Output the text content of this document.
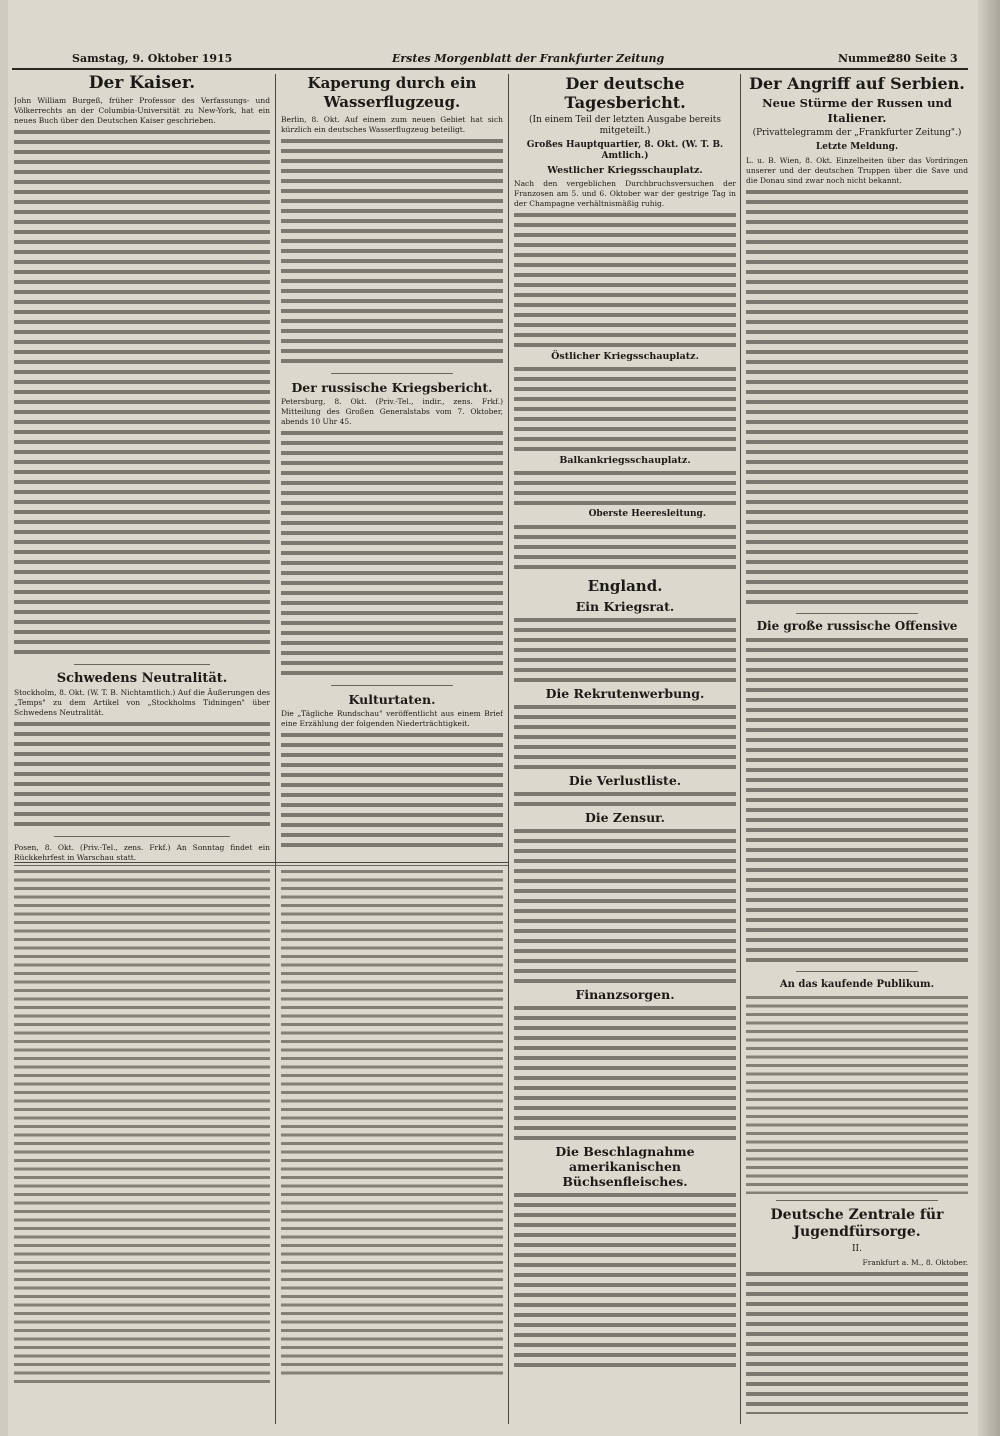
Samstag, 9. Oktober 1915	Erstes Morgenblatt der Frankfurter Zeitung	Nummer
280 Seite 3
Der Kaiser.

John William Burgeß, früher Professor des Verfassungs- und Völkerrechts an der Columbia-Universität zu New-York, hat ein neues Buch über den Deutschen Kaiser geschrieben.

Schwedens Neutralität.

Stockholm, 8. Okt. (W. T. B. Nichtamtlich.) Auf die Äußerungen des „Temps" zu dem Artikel von „Stockholms Tidningen" über Schwedens Neutralität.

Posen, 8. Okt. (Priv.-Tel., zens. Frkf.) An Sonntag findet ein Rückkehrfest in Warschau statt.

Kaperung durch ein Wasserflugzeug.

Berlin, 8. Okt. Auf einem zum neuen Gebiet hat sich kürzlich ein deutsches Wasserflugzeug beteiligt.

Der russische Kriegsbericht.

Petersburg, 8. Okt. (Priv.-Tel., indir., zens. Frkf.) Mitteilung des Großen Generalstabs vom 7. Oktober, abends 10 Uhr 45.

Kulturtaten.

Die „Tägliche Rundschau" veröffentlicht aus einem Brief eine Erzählung der folgenden Niederträchtigkeit.

Der deutsche Tagesbericht.
(In einem Teil der letzten Ausgabe bereits mitgeteilt.)
Großes Hauptquartier, 8. Okt. (W. T. B. Amtlich.)
Westlicher Kriegsschauplatz.

Nach den vergeblichen Durchbruchsversuchen der Franzosen am 5. und 6. Oktober war der gestrige Tag in der Champagne verhältnismäßig ruhig.

Östlicher Kriegsschauplatz.
Balkankriegsschauplatz.
Oberste Heeresleitung.
England.
Ein Kriegsrat.
Die Rekrutenwerbung.
Die Verlustliste.
Die Zensur.
Finanzsorgen.
Die Beschlagnahme amerikanischen Büchsenfleisches.
Der Angriff auf Serbien.
Neue Stürme der Russen und Italiener.
(Privattelegramm der „Frankfurter Zeitung".)
Letzte Meldung.

L. u. B. Wien, 8. Okt. Einzelheiten über das Vordringen unserer und der deutschen Truppen über die Save und die Donau sind zwar noch nicht bekannt.

Die große russische Offensive
An das kaufende Publikum.
Deutsche Zentrale für Jugendfürsorge.
II.

Frankfurt a. M., 8. Oktober.
